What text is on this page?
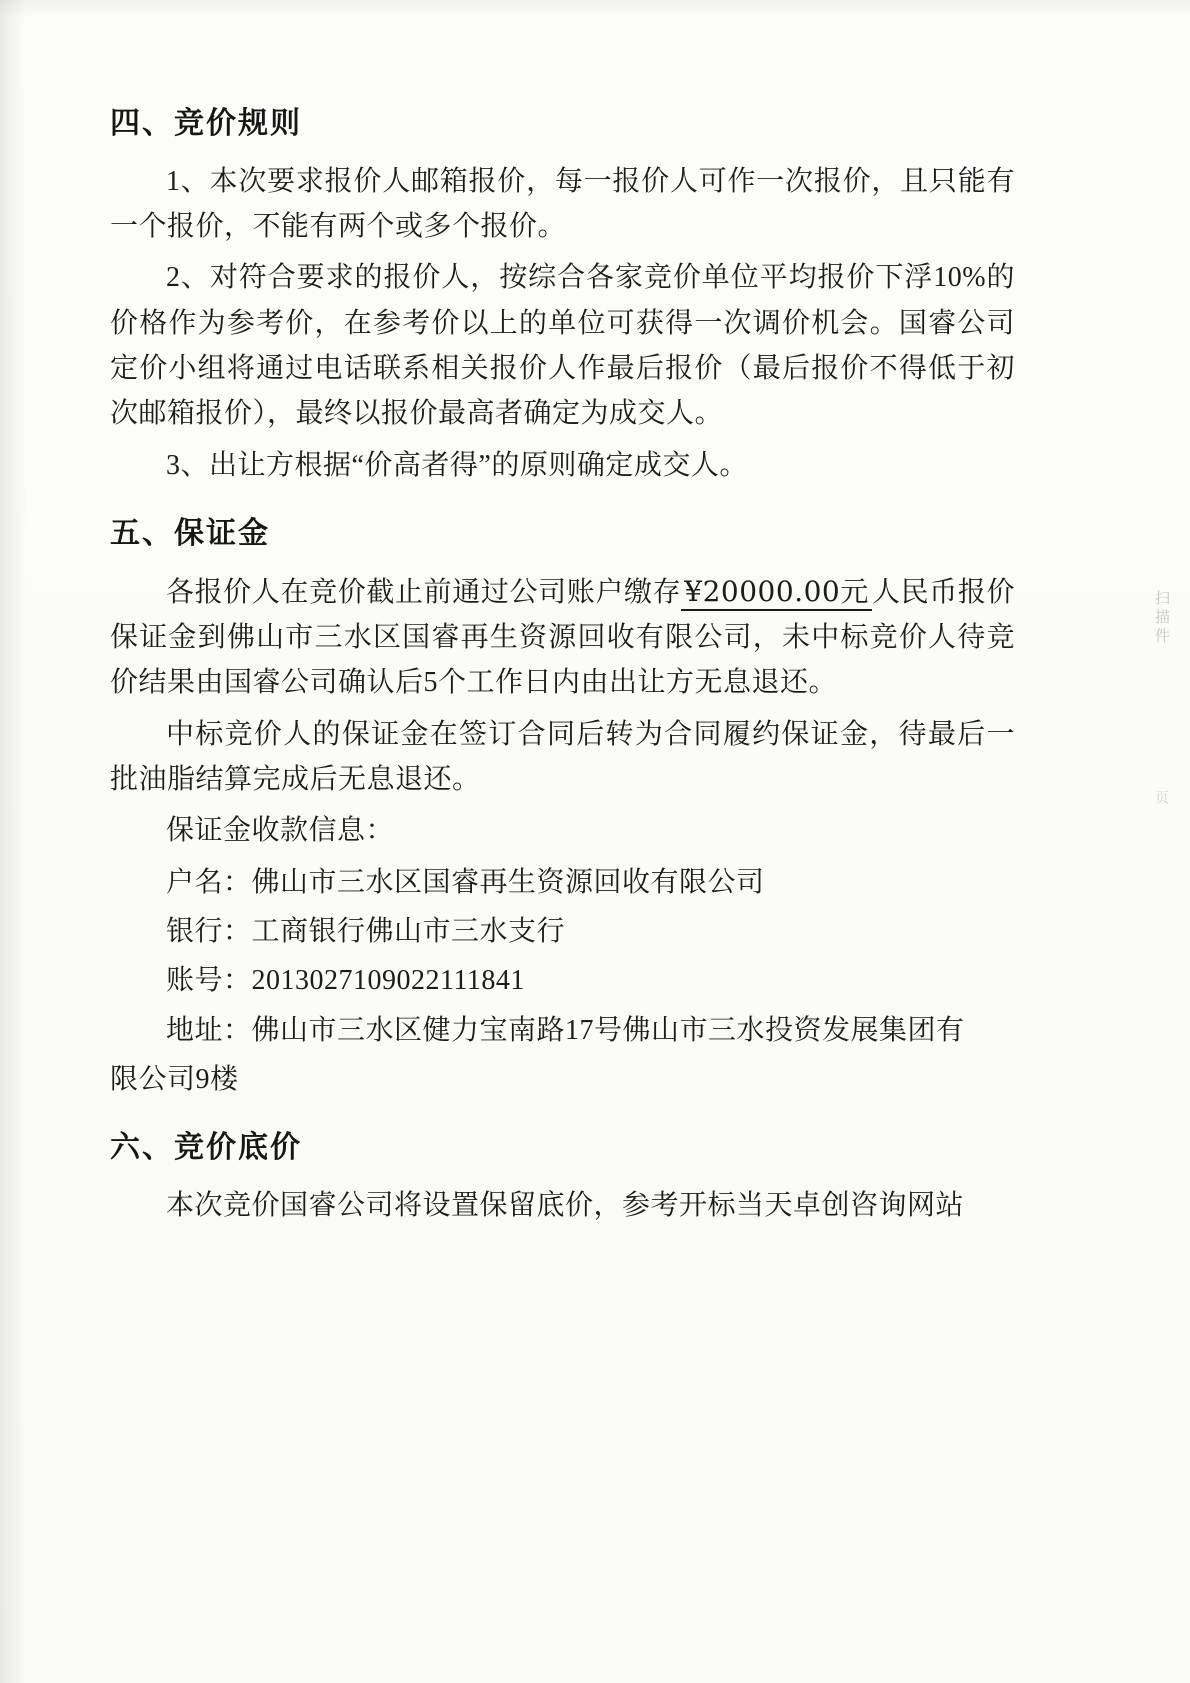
四、竞价规则

1、本次要求报价人邮箱报价，每一报价人可作一次报价，且只能有一个报价，不能有两个或多个报价。

2、对符合要求的报价人，按综合各家竞价单位平均报价下浮10%的价格作为参考价，在参考价以上的单位可获得一次调价机会。国睿公司定价小组将通过电话联系相关报价人作最后报价（最后报价不得低于初次邮箱报价），最终以报价最高者确定为成交人。

3、出让方根据“价高者得”的原则确定成交人。

五、保证金

各报价人在竞价截止前通过公司账户缴存 ¥20000.00元 人民币报价保证金到佛山市三水区国睿再生资源回收有限公司，未中标竞价人待竞价结果由国睿公司确认后5个工作日内由出让方无息退还。

中标竞价人的保证金在签订合同后转为合同履约保证金，待最后一批油脂结算完成后无息退还。

保证金收款信息：

户名：佛山市三水区国睿再生资源回收有限公司

银行：工商银行佛山市三水支行

账号：2013027109022111841

地址：佛山市三水区健力宝南路17号佛山市三水投资发展集团有

限公司9楼

六、竞价底价

本次竞价国睿公司将设置保留底价，参考开标当天卓创咨询网站

扫描件
页
